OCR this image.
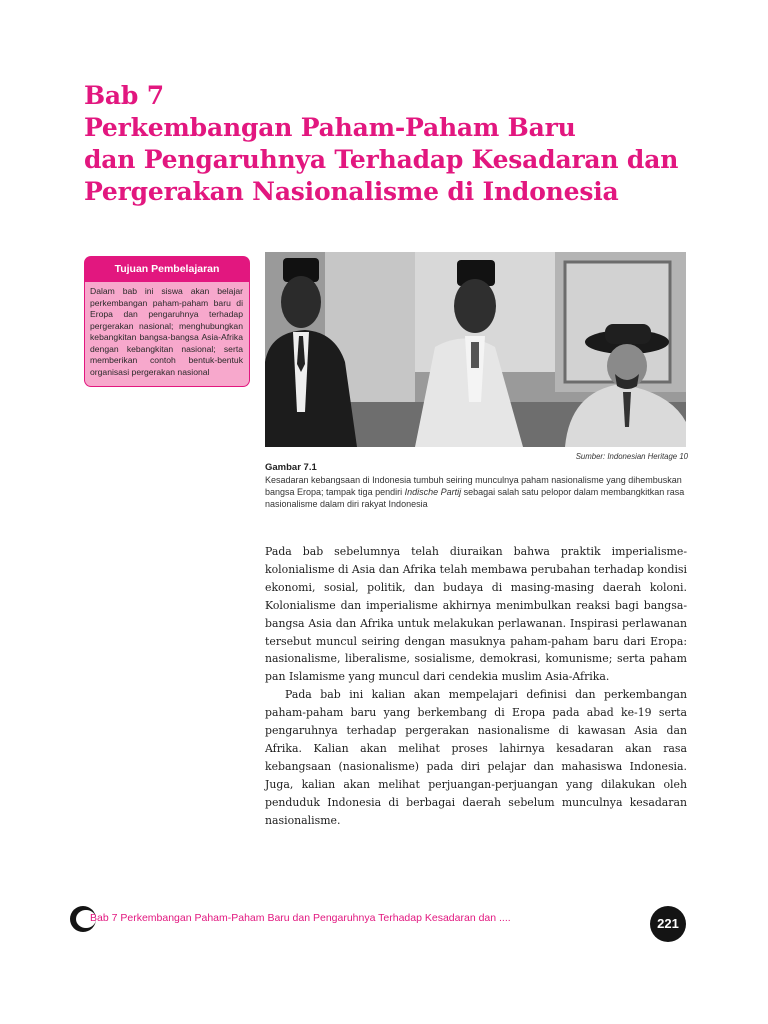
Bab 7
Perkembangan Paham-Paham Baru
dan Pengaruhnya Terhadap Kesadaran dan
Pergerakan Nasionalisme di Indonesia
Tujuan Pembelajaran
Dalam bab ini siswa akan belajar perkembangan paham-paham baru di Eropa dan pengaruhnya terhadap pergerakan nasional; menghubungkan kebangkitan bangsa-bangsa Asia-Afrika dengan kebangkitan nasional; serta memberikan contoh bentuk-bentuk organisasi pergerakan nasional
Sumber: Indonesian Heritage 10
Gambar 7.1
Kesadaran kebangsaan di Indonesia tumbuh seiring munculnya paham nasionalisme yang dihembuskan bangsa Eropa; tampak tiga pendiri Indische Partij sebagai salah satu pelopor dalam membangkitkan rasa nasionalisme dalam diri rakyat Indonesia

Pada bab sebelumnya telah diuraikan bahwa praktik imperialisme-kolonialisme di Asia dan Afrika telah membawa perubahan terhadap kondisi ekonomi, sosial, politik, dan budaya di masing-masing daerah koloni. Kolonialisme dan imperialisme akhirnya menimbulkan reaksi bagi bangsa-bangsa Asia dan Afrika untuk melakukan perlawanan. Inspirasi perlawanan tersebut muncul seiring dengan masuknya paham-paham baru dari Eropa: nasionalisme, liberalisme, sosialisme, demokrasi, komunisme; serta paham pan Islamisme yang muncul dari cendekia muslim Asia-Afrika.

Pada bab ini kalian akan mempelajari definisi dan perkembangan paham-paham baru yang berkembang di Eropa pada abad ke-19 serta pengaruhnya terhadap pergerakan nasionalisme di kawasan Asia dan Afrika. Kalian akan melihat proses lahirnya kesadaran akan rasa kebangsaan (nasionalisme) pada diri pelajar dan mahasiswa Indonesia. Juga, kalian akan melihat perjuangan-perjuangan yang dilakukan oleh penduduk Indonesia di berbagai daerah sebelum munculnya kesadaran nasionalisme.

Bab 7 Perkembangan Paham-Paham Baru dan Pengaruhnya Terhadap Kesadaran dan ....	221
